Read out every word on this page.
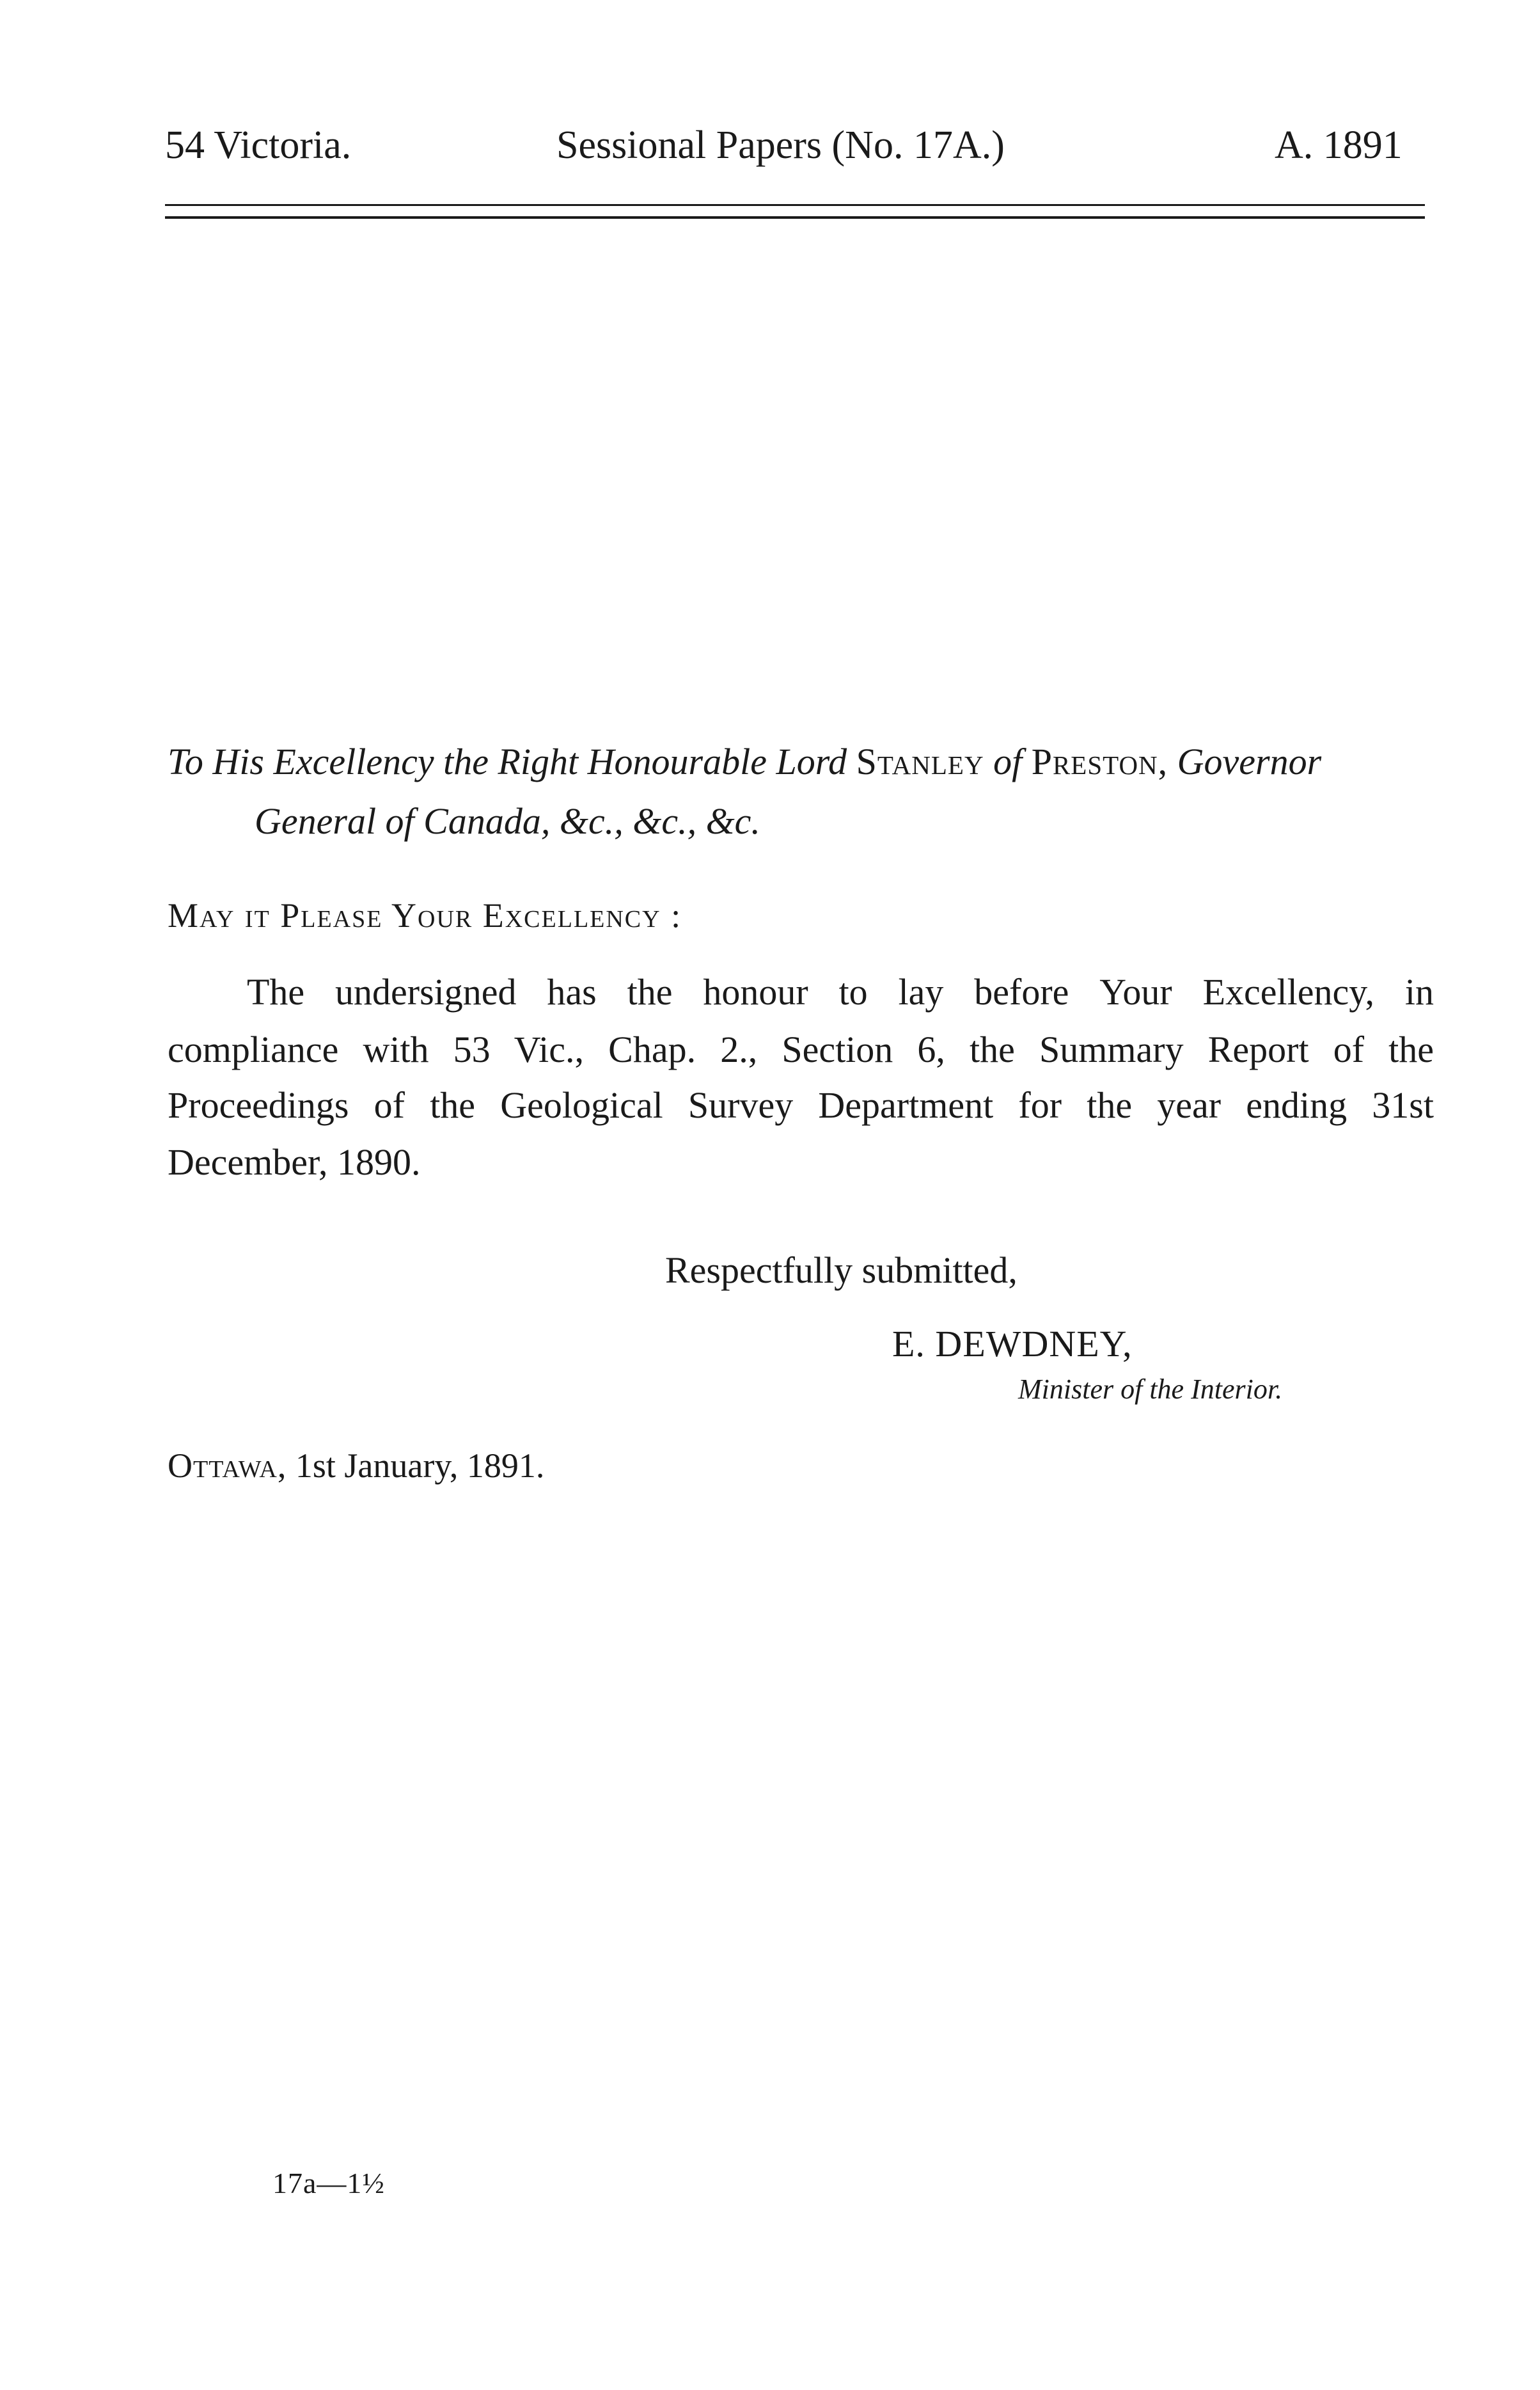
54 Victoria.	Sessional Papers (No. 17A.)	A. 1891
To His Excellency the Right Honourable Lord Stanley of Preston, Governor
General of Canada, &c., &c., &c.
May it Please Your Excellency :
The undersigned has the honour to lay before Your Excellency, in
compliance with 53 Vic., Chap. 2., Section 6, the Summary Report of the
Proceedings of the Geological Survey Department for the year ending 31st
December, 1890.
Respectfully submitted,
E. DEWDNEY,
Minister of the Interior.
Ottawa, 1st January, 1891.
17a—1½
